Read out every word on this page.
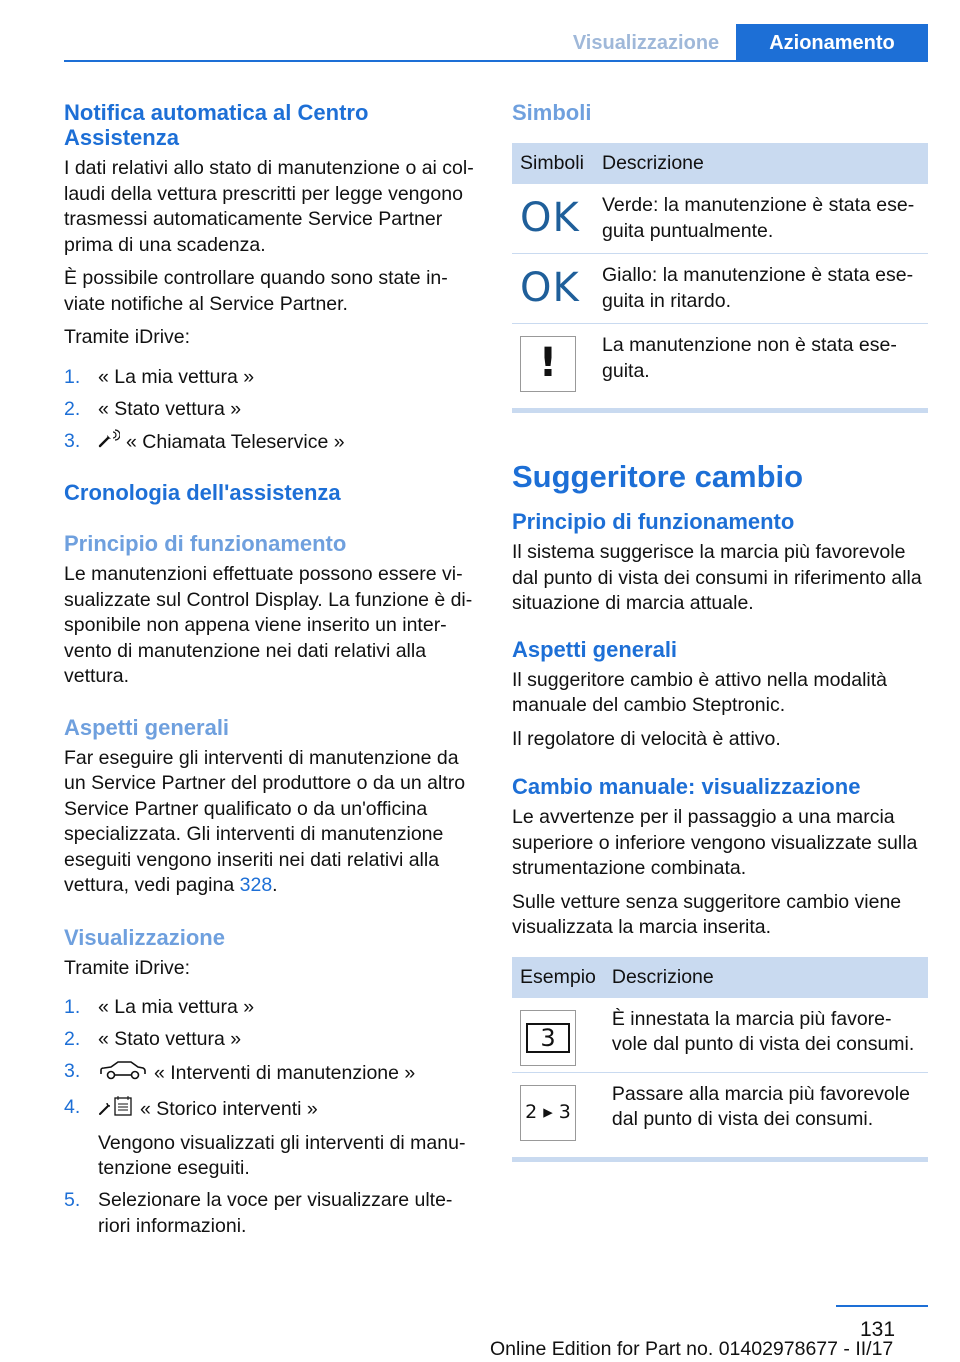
Visualizzazione	Azionamento
Notifica automatica al Centro Assistenza
I dati relativi allo stato di manutenzione o ai col‐ laudi della vettura prescritti per legge vengono trasmessi automaticamente Service Partner prima di una scadenza.
È possibile controllare quando sono state in‐ viate notifiche al Service Partner.
Tramite iDrive:
1. « La mia vettura »
2. « Stato vettura »
3. « Chiamata Teleservice »
Cronologia dell'assistenza
Principio di funzionamento
Le manutenzioni effettuate possono essere vi‐ sualizzate sul Control Display. La funzione è di‐ sponibile non appena viene inserito un inter‐ vento di manutenzione nei dati relativi alla vettura.
Aspetti generali
Far eseguire gli interventi di manutenzione da un Service Partner del produttore o da un altro Service Partner qualificato o da un'officina specializzata. Gli interventi di manutenzione eseguiti vengono inseriti nei dati relativi alla vettura, vedi pagina 328.
Visualizzazione
Tramite iDrive:
1. « La mia vettura »
2. « Stato vettura »
3.	« Interventi di manutenzione »
4.	« Storico interventi »
Vengono visualizzati gli interventi di manu‐ tenzione eseguiti.
5. Selezionare la voce per visualizzare ulte‐ riori informazioni.
Simboli
Simboli	Descrizione

OK	Verde: la manutenzione è stata ese‐ guita puntualmente.

OK	Giallo: la manutenzione è stata ese‐ guita in ritardo.

!	La manutenzione non è stata ese‐ guita.
Suggeritore cambio
Principio di funzionamento
Il sistema suggerisce la marcia più favorevole dal punto di vista dei consumi in riferimento alla situazione di marcia attuale.
Aspetti generali
Il suggeritore cambio è attivo nella modalità manuale del cambio Steptronic.
Il regolatore di velocità è attivo.
Cambio manuale: visualizzazione
Le avvertenze per il passaggio a una marcia superiore o inferiore vengono visualizzate sulla strumentazione combinata.
Sulle vetture senza suggeritore cambio viene visualizzata la marcia inserita.
Esempio	Descrizione

3	È innestata la marcia più favore‐ vole dal punto di vista dei consumi.

2 ▸ 3	Passare alla marcia più favorevole dal punto di vista dei consumi.
131
Online Edition for Part no. 01402978677 - II/17
